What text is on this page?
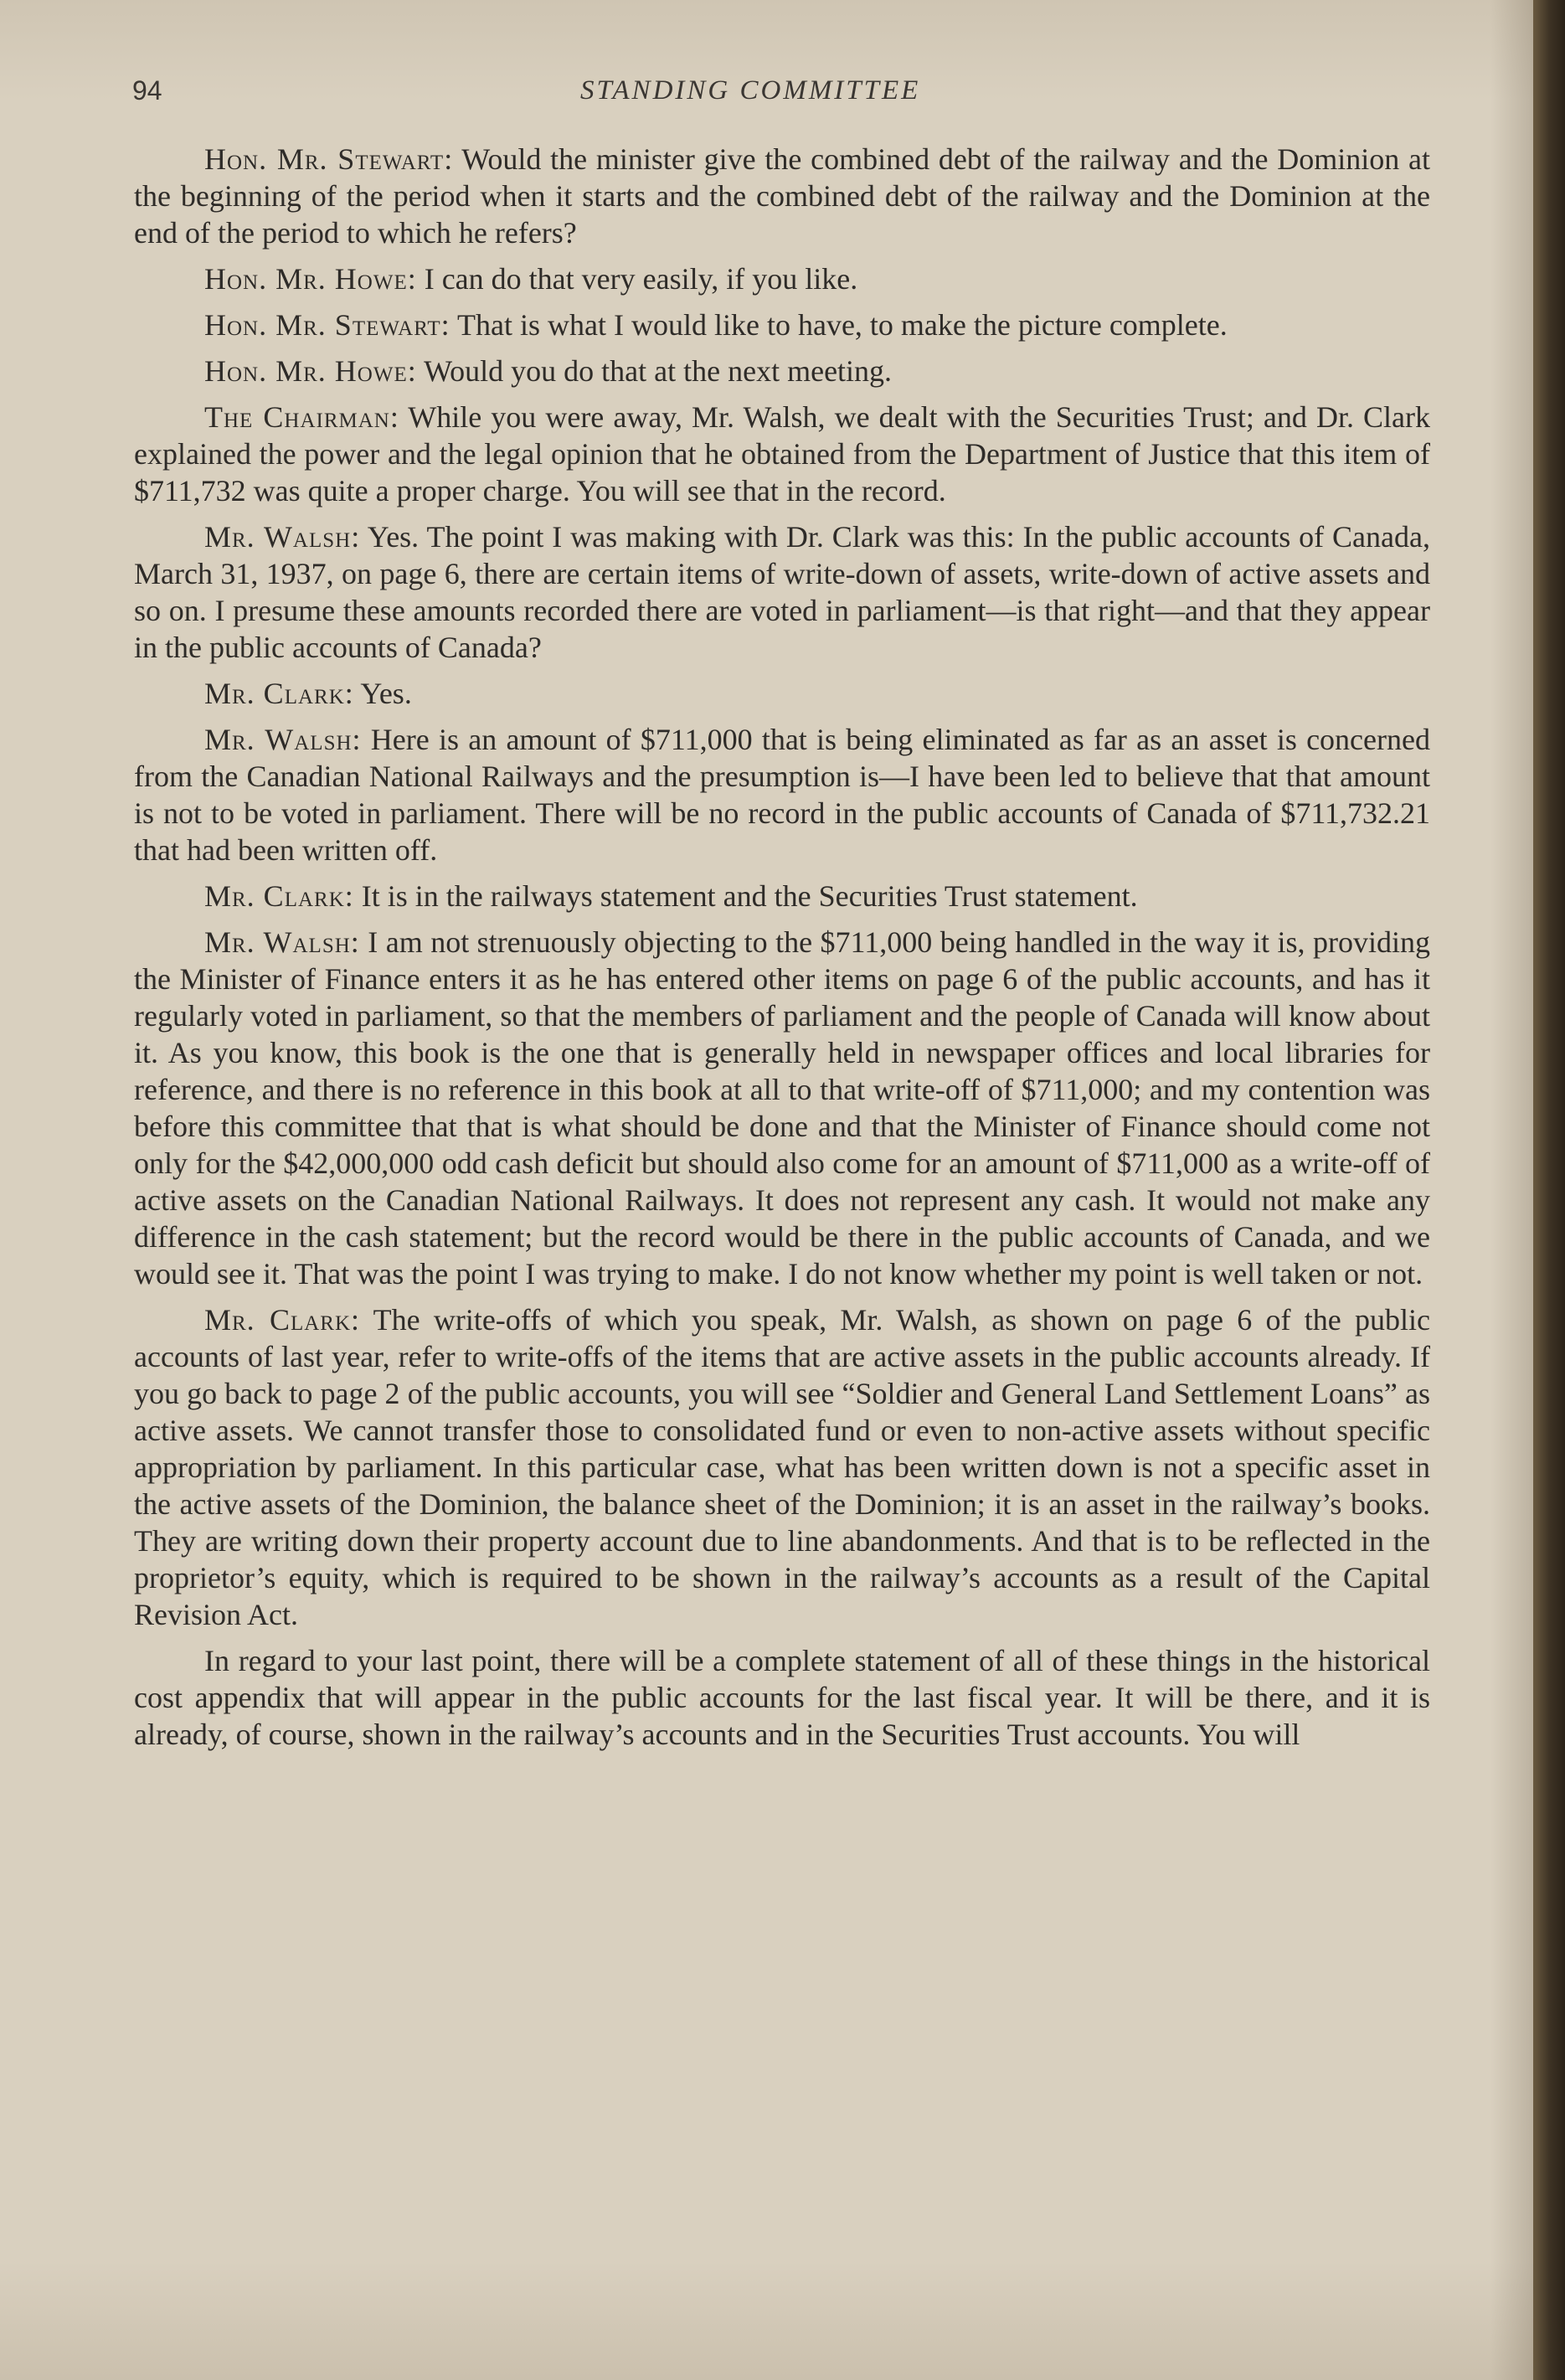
94	STANDING COMMITTEE

Hon. Mr. Stewart: Would the minister give the combined debt of the railway and the Dominion at the beginning of the period when it starts and the combined debt of the railway and the Dominion at the end of the period to which he refers?

Hon. Mr. Howe: I can do that very easily, if you like.

Hon. Mr. Stewart: That is what I would like to have, to make the picture complete.

Hon. Mr. Howe: Would you do that at the next meeting.

The Chairman: While you were away, Mr. Walsh, we dealt with the Securities Trust; and Dr. Clark explained the power and the legal opinion that he obtained from the Department of Justice that this item of $711,732 was quite a proper charge. You will see that in the record.

Mr. Walsh: Yes. The point I was making with Dr. Clark was this: In the public accounts of Canada, March 31, 1937, on page 6, there are certain items of write-down of assets, write-down of active assets and so on. I presume these amounts recorded there are voted in parliament—is that right—and that they appear in the public accounts of Canada?

Mr. Clark: Yes.

Mr. Walsh: Here is an amount of $711,000 that is being eliminated as far as an asset is concerned from the Canadian National Railways and the presumption is—I have been led to believe that that amount is not to be voted in parliament. There will be no record in the public accounts of Canada of $711,732.21 that had been written off.

Mr. Clark: It is in the railways statement and the Securities Trust statement.

Mr. Walsh: I am not strenuously objecting to the $711,000 being handled in the way it is, providing the Minister of Finance enters it as he has entered other items on page 6 of the public accounts, and has it regularly voted in parliament, so that the members of parliament and the people of Canada will know about it. As you know, this book is the one that is generally held in newspaper offices and local libraries for reference, and there is no reference in this book at all to that write-off of $711,000; and my contention was before this committee that that is what should be done and that the Minister of Finance should come not only for the $42,000,000 odd cash deficit but should also come for an amount of $711,000 as a write-off of active assets on the Canadian National Railways. It does not represent any cash. It would not make any difference in the cash statement; but the record would be there in the public accounts of Canada, and we would see it. That was the point I was trying to make. I do not know whether my point is well taken or not.

Mr. Clark: The write-offs of which you speak, Mr. Walsh, as shown on page 6 of the public accounts of last year, refer to write-offs of the items that are active assets in the public accounts already. If you go back to page 2 of the public accounts, you will see “Soldier and General Land Settlement Loans” as active assets. We cannot transfer those to consolidated fund or even to non-active assets without specific appropriation by parliament. In this particular case, what has been written down is not a specific asset in the active assets of the Dominion, the balance sheet of the Dominion; it is an asset in the railway’s books. They are writing down their property account due to line abandonments. And that is to be reflected in the proprietor’s equity, which is required to be shown in the railway’s accounts as a result of the Capital Revision Act.

In regard to your last point, there will be a complete statement of all of these things in the historical cost appendix that will appear in the public accounts for the last fiscal year. It will be there, and it is already, of course, shown in the railway’s accounts and in the Securities Trust accounts. You will
